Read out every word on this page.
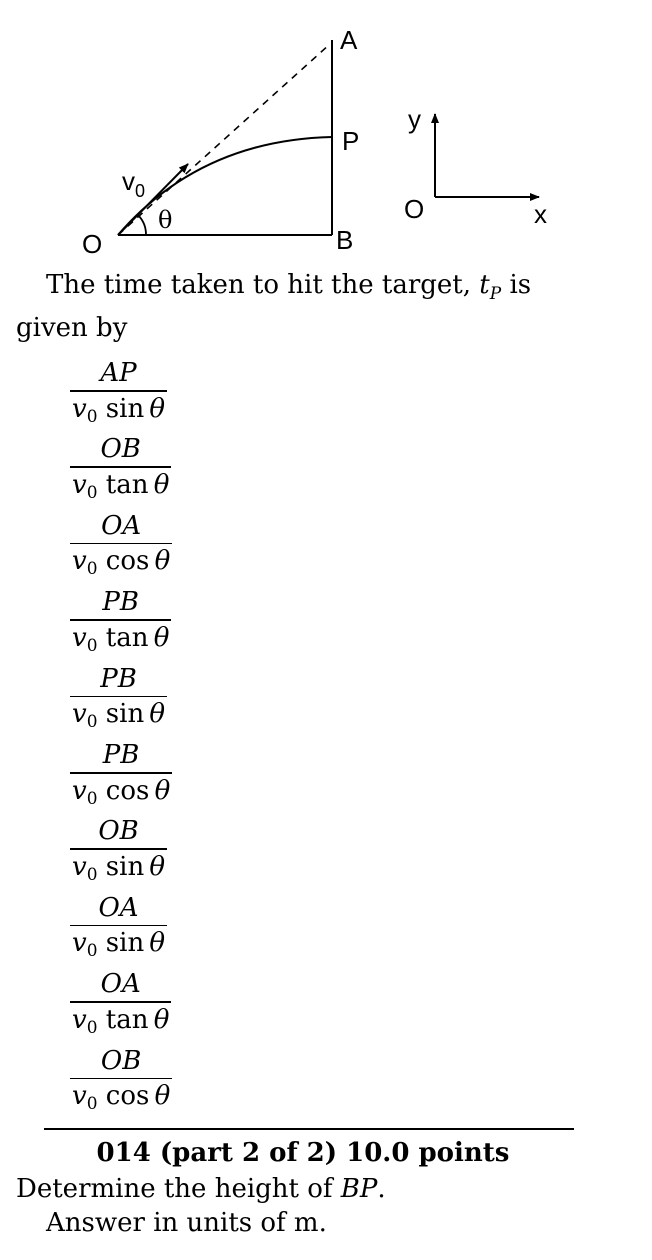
A
P
B
O
$v_0$
θ
y
x
O
The time taken to hit the target, $t_P$ is given by
AP
v0 sin  θ
OB
v0 tan  θ
OA
v0 cos  θ
PB
v0 tan  θ
PB
v0 sin  θ
PB
v0 cos  θ
OB
v0 sin  θ
OA
v0 sin  θ
OA
v0 tan  θ
OB
v0 cos  θ
014 (part 2 of 2) 10.0 points
Determine the height of BP.
Answer in units of m.
